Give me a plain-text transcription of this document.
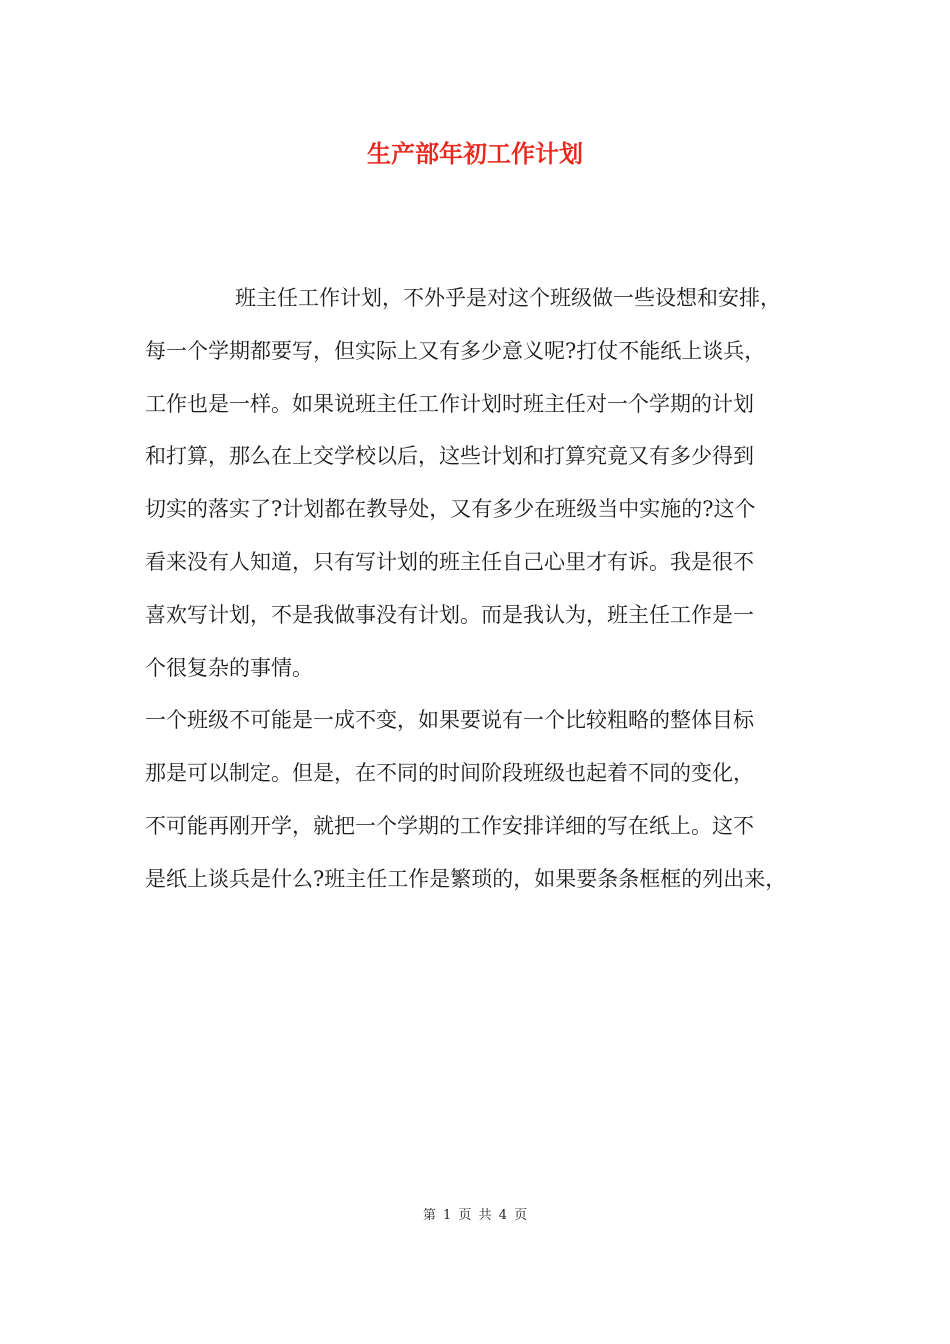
生产部年初工作计划
班主任工作计划，不外乎是对这个班级做一些设想和安排，
每一个学期都要写，但实际上又有多少意义呢?打仗不能纸上谈兵，
工作也是一样。如果说班主任工作计划时班主任对一个学期的计划
和打算，那么在上交学校以后，这些计划和打算究竟又有多少得到
切实的落实了?计划都在教导处，又有多少在班级当中实施的?这个
看来没有人知道，只有写计划的班主任自己心里才有诉。我是很不
喜欢写计划，不是我做事没有计划。而是我认为，班主任工作是一
个很复杂的事情。
一个班级不可能是一成不变，如果要说有一个比较粗略的整体目标
那是可以制定。但是，在不同的时间阶段班级也起着不同的变化，
不可能再刚开学，就把一个学期的工作安排详细的写在纸上。这不
是纸上谈兵是什么?班主任工作是繁琐的，如果要条条框框的列出来，
第 1 页 共 4 页
